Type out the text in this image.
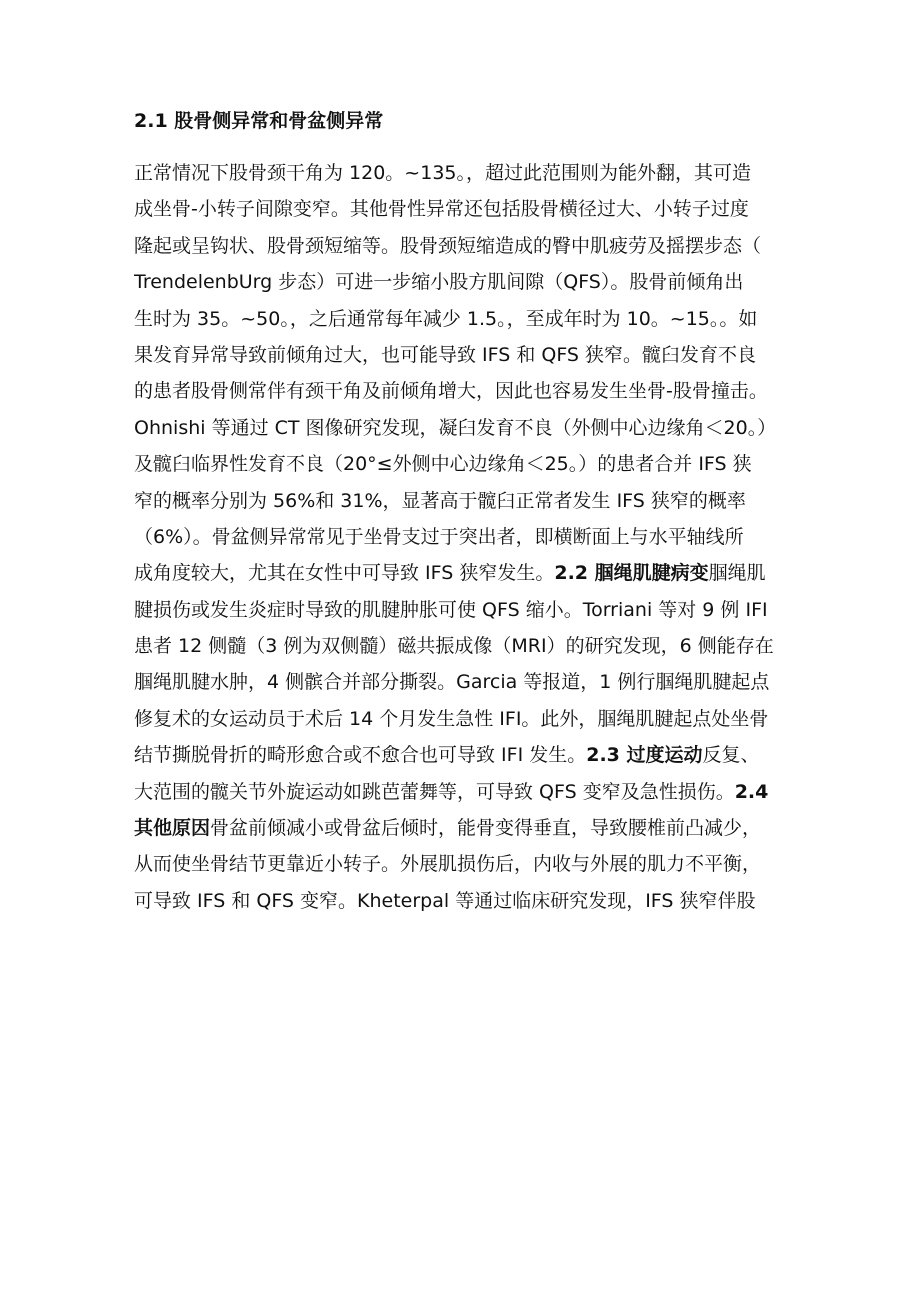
2.1 股骨侧异常和骨盆侧异常
正常情况下股骨颈干角为 120。~135。，超过此范围则为能外翻，其可造
成坐骨-小转子间隙变窄。其他骨性异常还包括股骨横径过大、小转子过度
隆起或呈钩状、股骨颈短缩等。股骨颈短缩造成的臀中肌疲劳及摇摆步态（
TrendelenbUrg 步态）可进一步缩小股方肌间隙（QFS）。股骨前倾角出
生时为 35。~50。，之后通常每年减少 1.5。，至成年时为 10。~15。。如
果发育异常导致前倾角过大，也可能导致 IFS 和 QFS 狭窄。髋臼发育不良
的患者股骨侧常伴有颈干角及前倾角增大，因此也容易发生坐骨-股骨撞击。
Ohnishi 等通过 CT 图像研究发现，凝臼发育不良（外侧中心边缘角＜20。）
及髋臼临界性发育不良（20°≤外侧中心边缘角＜25。）的患者合并 IFS 狭
窄的概率分别为 56%和 31%，显著高于髋臼正常者发生 IFS 狭窄的概率
（6%）。骨盆侧异常常见于坐骨支过于突出者，即横断面上与水平轴线所
成角度较大，尤其在女性中可导致 IFS 狭窄发生。2.2 腘绳肌腱病变腘绳肌
腱损伤或发生炎症时导致的肌腱肿胀可使 QFS 缩小。Torriani 等对 9 例 IFI
患者 12 侧髓（3 例为双侧髓）磁共振成像（MRI）的研究发现，6 侧能存在
腘绳肌腱水肿，4 侧髌合并部分撕裂。Garcia 等报道，1 例行腘绳肌腱起点
修复术的女运动员于术后 14 个月发生急性 IFI。此外，腘绳肌腱起点处坐骨
结节撕脱骨折的畸形愈合或不愈合也可导致 IFI 发生。2.3 过度运动反复、
大范围的髋关节外旋运动如跳芭蕾舞等，可导致 QFS 变窄及急性损伤。2.4
其他原因骨盆前倾减小或骨盆后倾时，能骨变得垂直，导致腰椎前凸减少，
从而使坐骨结节更靠近小转子。外展肌损伤后，内收与外展的肌力不平衡，
可导致 IFS 和 QFS 变窄。Kheterpal 等通过临床研究发现，IFS 狭窄伴股
